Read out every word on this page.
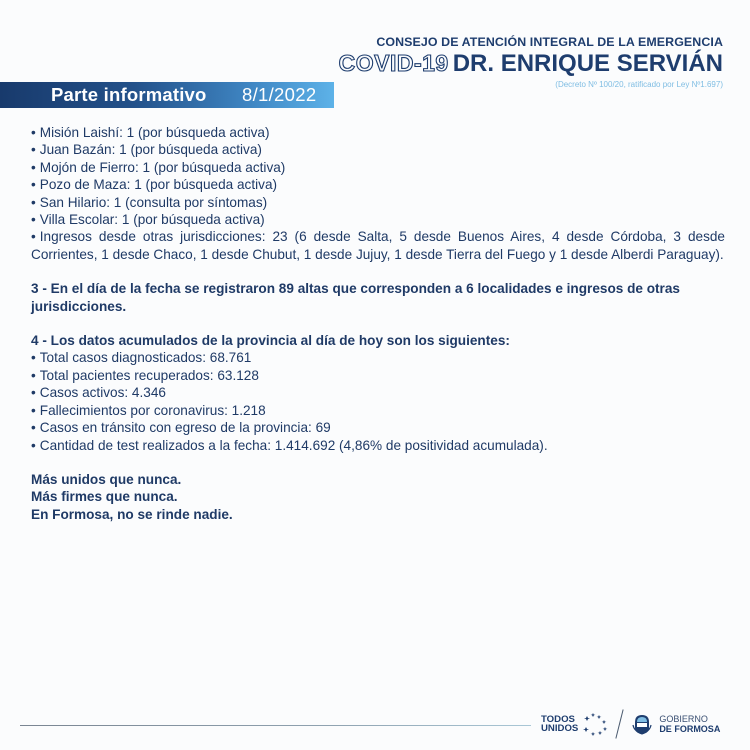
CONSEJO DE ATENCIÓN INTEGRAL DE LA EMERGENCIA
COVID-19 DR. ENRIQUE SERVIÁN
(Decreto Nº 100/20, ratificado por Ley Nº1.697)
Parte informativo 8/1/2022
• Misión Laishí: 1 (por búsqueda activa)
• Juan Bazán: 1 (por búsqueda activa)
• Mojón de Fierro: 1 (por búsqueda activa)
• Pozo de Maza: 1 (por búsqueda activa)
• San Hilario: 1 (consulta por síntomas)
• Villa Escolar: 1 (por búsqueda activa)
• Ingresos desde otras jurisdicciones: 23 (6 desde Salta, 5 desde Buenos Aires, 4 desde Córdoba, 3 desde Corrientes, 1 desde Chaco, 1 desde Chubut, 1 desde Jujuy, 1 desde Tierra del Fuego y 1 desde Alberdi Paraguay).
3 - En el día de la fecha se registraron 89 altas que corresponden a 6 localidades e ingresos de otras jurisdicciones.
4 - Los datos acumulados de la provincia al día de hoy son los siguientes:
• Total casos diagnosticados: 68.761
• Total pacientes recuperados: 63.128
• Casos activos: 4.346
• Fallecimientos por coronavirus: 1.218
• Casos en tránsito con egreso de la provincia: 69
• Cantidad de test realizados a la fecha: 1.414.692 (4,86% de positividad acumulada).
Más unidos que nunca.
Más firmes que nunca.
En Formosa, no se rinde nadie.
TODOS
UNIDOS
GOBIERNO
DE FORMOSA
